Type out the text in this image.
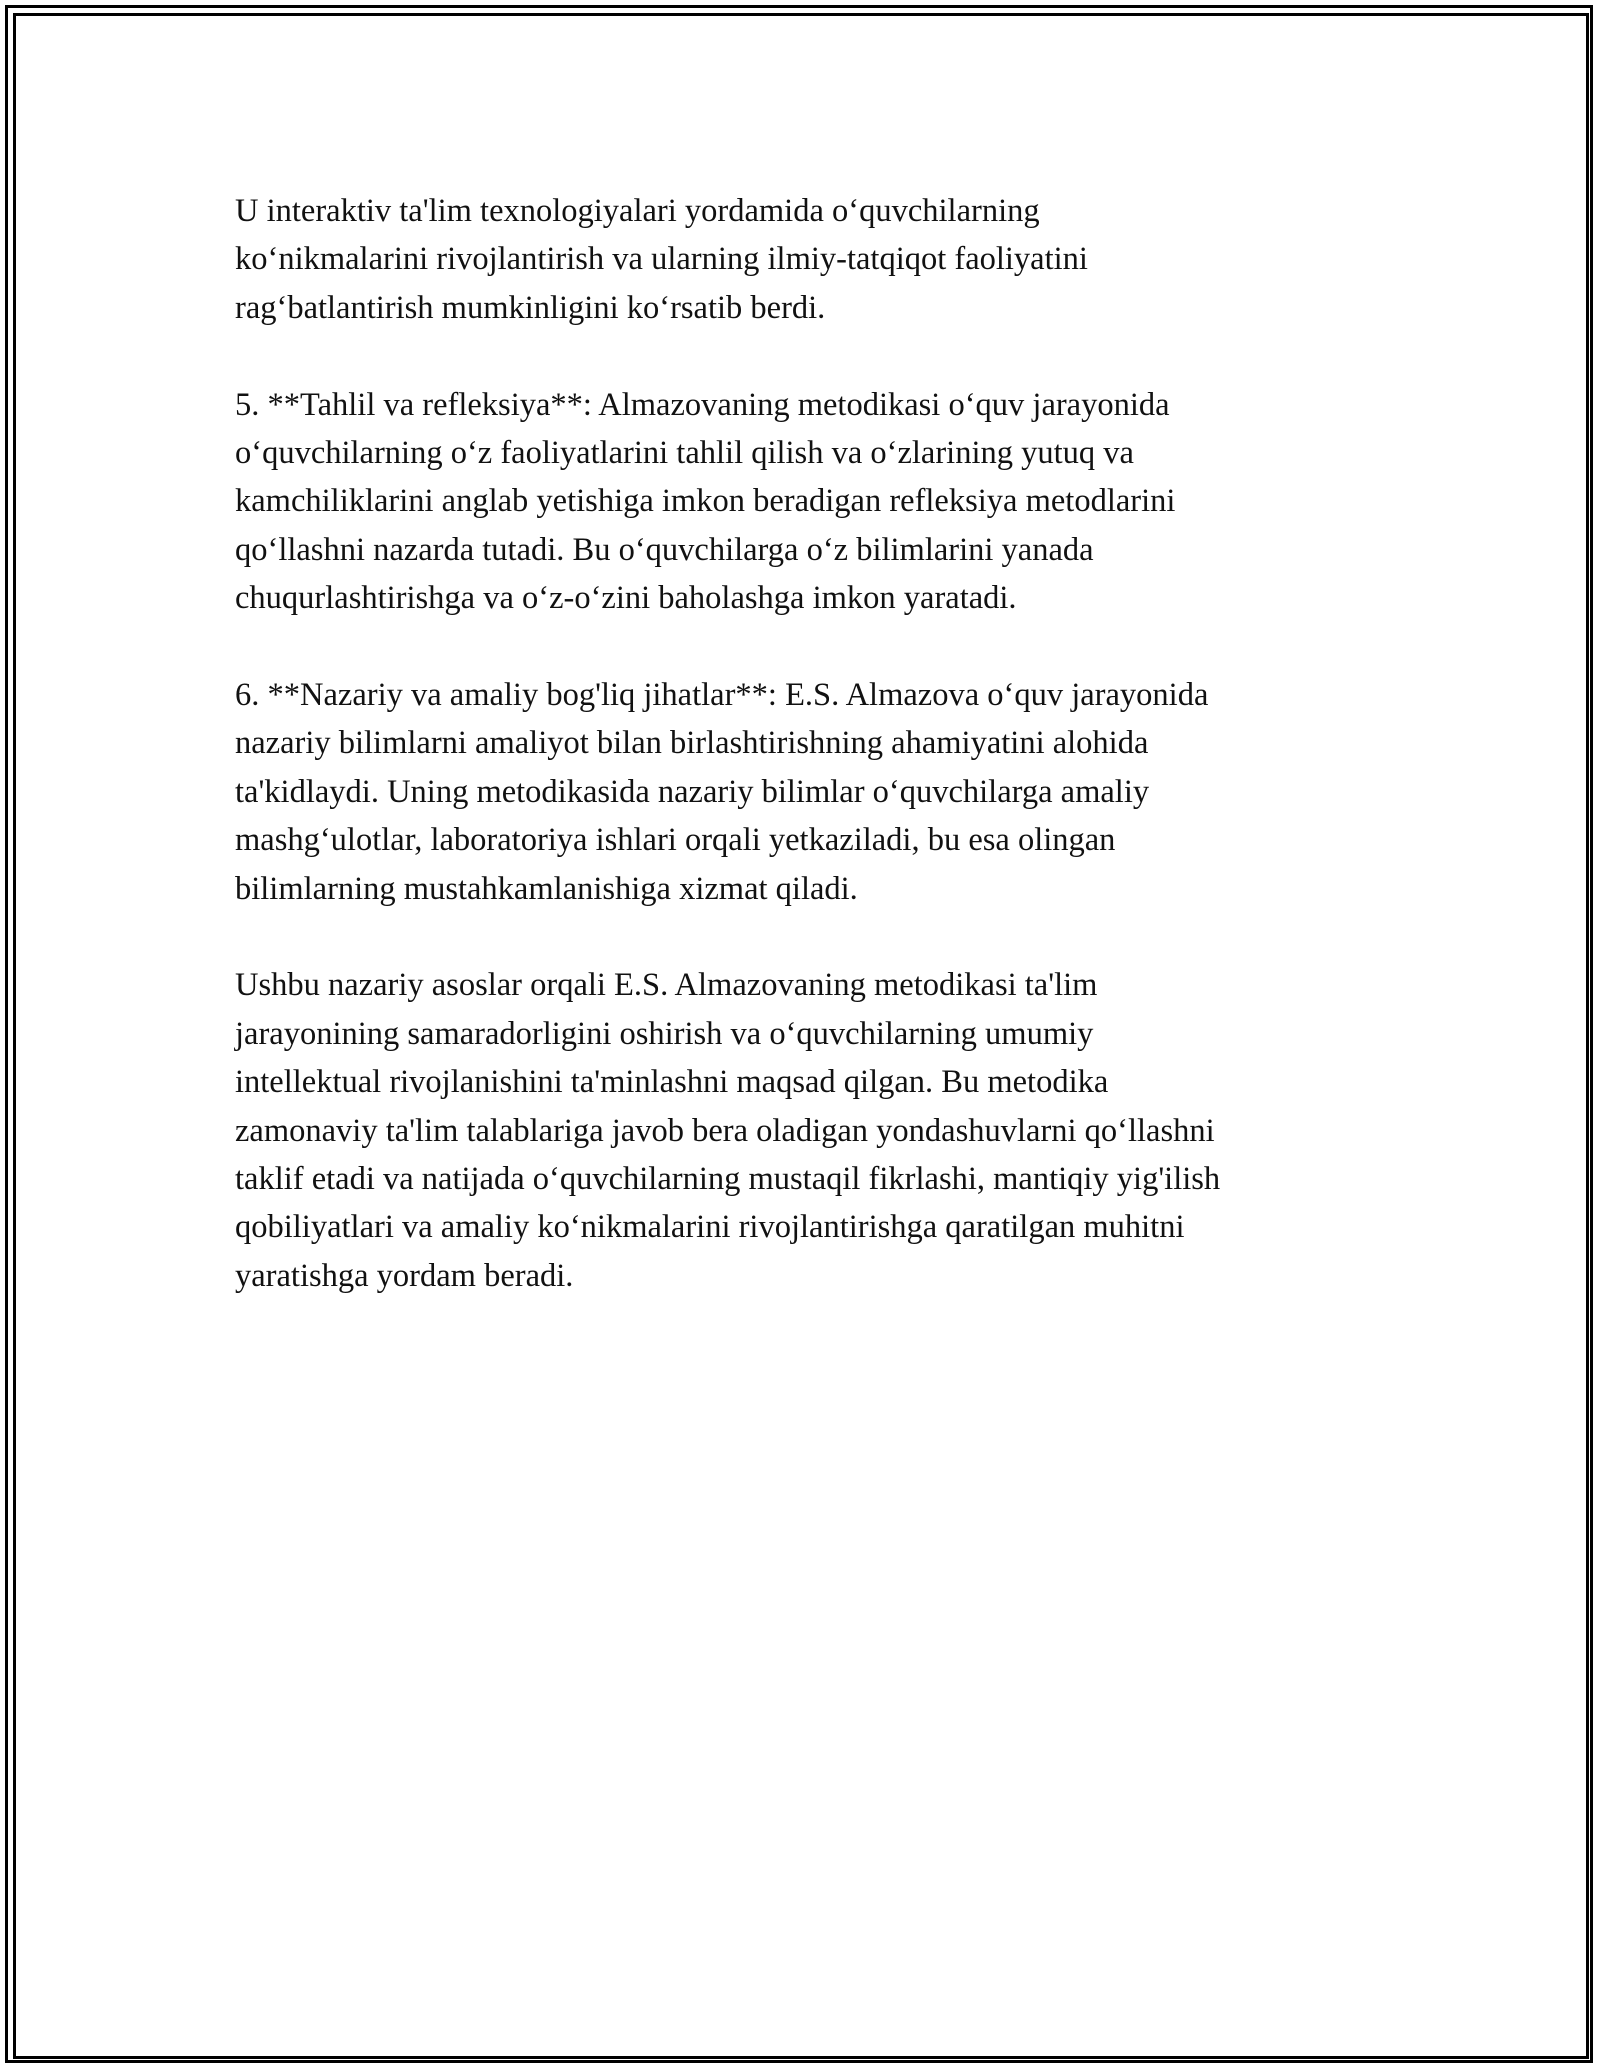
U interaktiv ta'lim texnologiyalari yordamida o‘quvchilarning
ko‘nikmalarini rivojlantirish va ularning ilmiy-tatqiqot faoliyatini
rag‘batlantirish mumkinligini ko‘rsatib berdi.

5. **Tahlil va refleksiya**: Almazovaning metodikasi o‘quv jarayonida
o‘quvchilarning o‘z faoliyatlarini tahlil qilish va o‘zlarining yutuq va
kamchiliklarini anglab yetishiga imkon beradigan refleksiya metodlarini
qo‘llashni nazarda tutadi. Bu o‘quvchilarga o‘z bilimlarini yanada
chuqurlashtirishga va o‘z-o‘zini baholashga imkon yaratadi.

6. **Nazariy va amaliy bog'liq jihatlar**: E.S. Almazova o‘quv jarayonida
nazariy bilimlarni amaliyot bilan birlashtirishning ahamiyatini alohida
ta'kidlaydi. Uning metodikasida nazariy bilimlar o‘quvchilarga amaliy
mashg‘ulotlar, laboratoriya ishlari orqali yetkaziladi, bu esa olingan
bilimlarning mustahkamlanishiga xizmat qiladi.

Ushbu nazariy asoslar orqali E.S. Almazovaning metodikasi ta'lim
jarayonining samaradorligini oshirish va o‘quvchilarning umumiy
intellektual rivojlanishini ta'minlashni maqsad qilgan. Bu metodika
zamonaviy ta'lim talablariga javob bera oladigan yondashuvlarni qo‘llashni
taklif etadi va natijada o‘quvchilarning mustaqil fikrlashi, mantiqiy yig'ilish
qobiliyatlari va amaliy ko‘nikmalarini rivojlantirishga qaratilgan muhitni
yaratishga yordam beradi.
